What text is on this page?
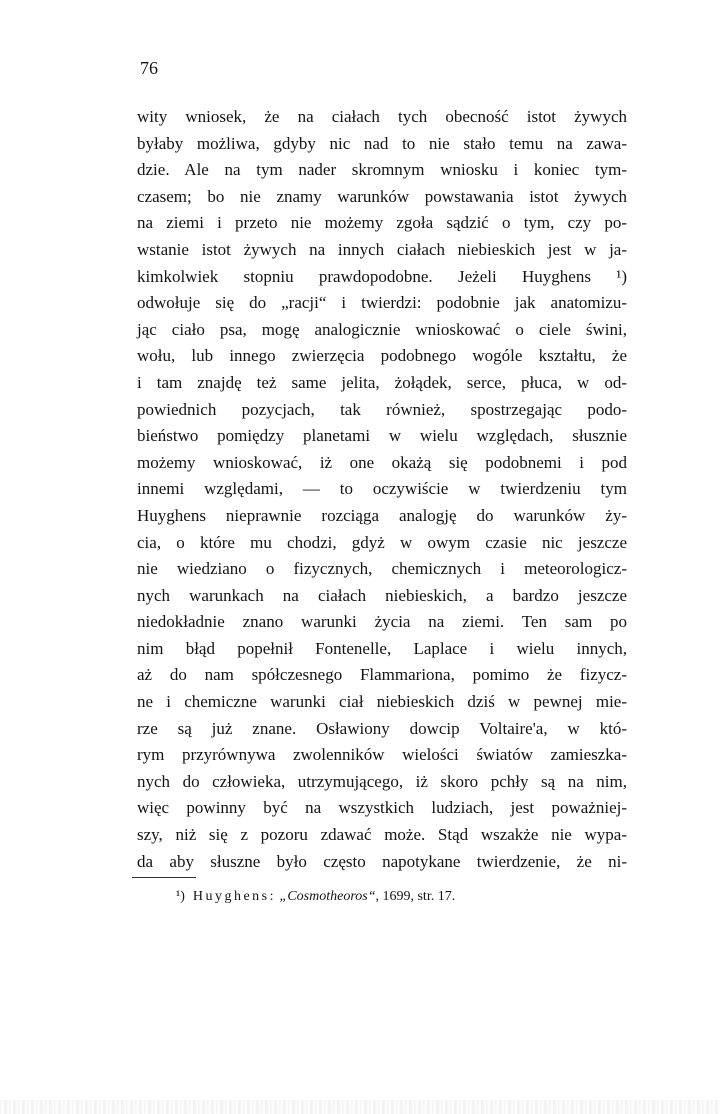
76
wity wniosek, że na ciałach tych obecność istot żywych
byłaby możliwa, gdyby nic nad to nie stało temu na zawa-
dzie. Ale na tym nader skromnym wniosku i koniec tym-
czasem; bo nie znamy warunków powstawania istot żywych
na ziemi i przeto nie możemy zgoła sądzić o tym, czy po-
wstanie istot żywych na innych ciałach niebieskich jest w ja-
kimkolwiek stopniu prawdopodobne. Jeżeli Huyghens ¹)
odwołuje się do „racji“ i twierdzi: podobnie jak anatomizu-
jąc ciało psa, mogę analogicznie wnioskować o ciele świni,
wołu, lub innego zwierzęcia podobnego wogóle kształtu, że
i tam znajdę też same jelita, żołądek, serce, płuca, w od-
powiednich pozycjach, tak również, spostrzegając podo-
bieństwo pomiędzy planetami w wielu względach, słusznie
możemy wnioskować, iż one okażą się podobnemi i pod
innemi względami, — to oczywiście w twierdzeniu tym
Huyghens nieprawnie rozciąga analogję do warunków ży-
cia, o które mu chodzi, gdyż w owym czasie nic jeszcze
nie wiedziano o fizycznych, chemicznych i meteorologicz-
nych warunkach na ciałach niebieskich, a bardzo jeszcze
niedokładnie znano warunki życia na ziemi. Ten sam po
nim błąd popełnił Fontenelle, Laplace i wielu innych,
aż do nam spółczesnego Flammariona, pomimo że fizycz-
ne i chemiczne warunki ciał niebieskich dziś w pewnej mie-
rze są już znane. Osławiony dowcip Voltaire'a, w któ-
rym przyrównywa zwolenników wielości światów zamieszka-
nych do człowieka, utrzymującego, iż skoro pchły są na nim,
więc powinny być na wszystkich ludziach, jest poważniej-
szy, niż się z pozoru zdawać może. Stąd wszakże nie wypa-
da aby słuszne było często napotykane twierdzenie, że ni-
¹) Huyghens: „Cosmotheoros“, 1699, str. 17.
